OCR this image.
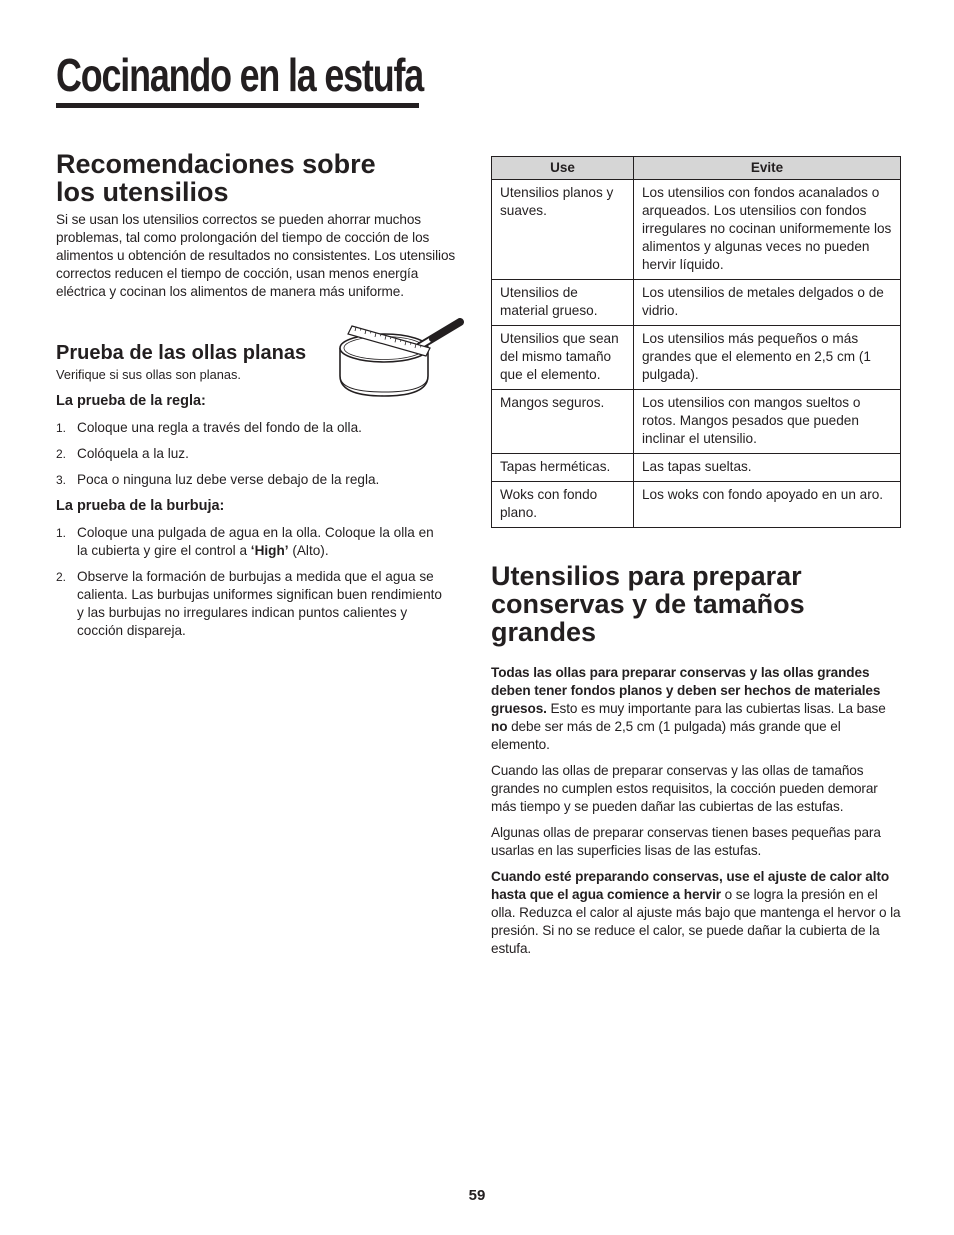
Cocinando en la estufa
Recomendaciones sobre
los utensilios

Si se usan los utensilios correctos se pueden ahorrar muchos problemas, tal como prolongación del tiempo de cocción de los alimentos u obtención de resultados no consistentes. Los utensilios correctos reducen el tiempo de cocción, usan menos energía eléctrica y cocinan los alimentos de manera más uniforme.

Prueba de las ollas planas

Verifique si sus ollas son planas.

La prueba de la regla:
1. Coloque una regla a través del fondo de la olla.
2. Colóquela a la luz.
3. Poca o ninguna luz debe verse debajo de la regla.
La prueba de la burbuja:
1. Coloque una pulgada de agua en la olla. Coloque la olla en la cubierta y gire el control a ‘High’ (Alto).
2. Observe la formación de burbujas a medida que el agua se calienta. Las burbujas uniformes significan buen rendimiento y las burbujas no irregulares indican puntos calientes y cocción dispareja.
Use	Evite
Utensilios planos y suaves.	Los utensilios con fondos acanalados o arqueados. Los utensilios con fondos irregulares no cocinan uniformemente los alimentos y algunas veces no pueden hervir líquido.
Utensilios de material grueso.	Los utensilios de metales delgados o de vidrio.
Utensilios que sean del mismo tamaño que el elemento.	Los utensilios más pequeños o más grandes que el elemento en 2,5 cm (1 pulgada).
Mangos seguros.	Los utensilios con mangos sueltos o rotos. Mangos pesados que pueden inclinar el utensilio.
Tapas herméticas.	Las tapas sueltas.
Woks con fondo plano.	Los woks con fondo apoyado en un aro.
Utensilios para preparar
conservas y de tamaños
grandes

Todas las ollas para preparar conservas y las ollas grandes deben tener fondos planos y deben ser hechos de materiales gruesos. Esto es muy importante para las cubiertas lisas. La base no debe ser más de 2,5 cm (1 pulgada) más grande que el elemento.

Cuando las ollas de preparar conservas y las ollas de tamaños grandes no cumplen estos requisitos, la cocción pueden demorar más tiempo y se pueden dañar las cubiertas de las estufas.

Algunas ollas de preparar conservas tienen bases pequeñas para usarlas en las superficies lisas de las estufas.

Cuando esté preparando conservas, use el ajuste de calor alto hasta que el agua comience a hervir o se logra la presión en el olla. Reduzca el calor al ajuste más bajo que mantenga el hervor o la presión. Si no se reduce el calor, se puede dañar la cubierta de la estufa.

59
